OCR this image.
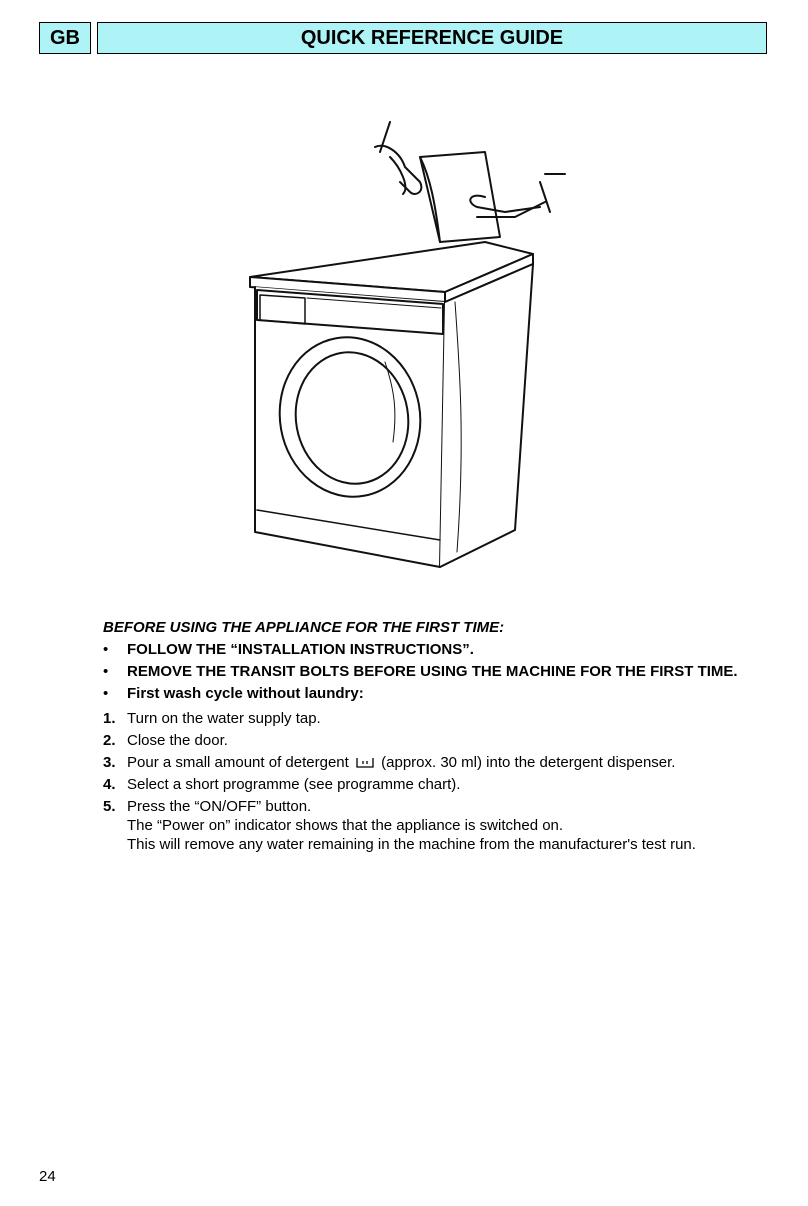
GB	QUICK REFERENCE GUIDE
BEFORE USING THE APPLIANCE FOR THE FIRST TIME:
•	FOLLOW THE “INSTALLATION INSTRUCTIONS”.
•	REMOVE THE TRANSIT BOLTS BEFORE USING THE MACHINE FOR THE FIRST TIME.
•	First wash cycle without laundry:
1. Turn on the water supply tap.
2. Close the door.
3. Pour a small amount of detergent (approx. 30 ml) into the detergent dispenser.
4. Select a short programme (see programme chart).
5. Press the “ON/OFF” button.
The “Power on” indicator shows that the appliance is switched on.
This will remove any water remaining in the machine from the manufacturer's test run.
24
